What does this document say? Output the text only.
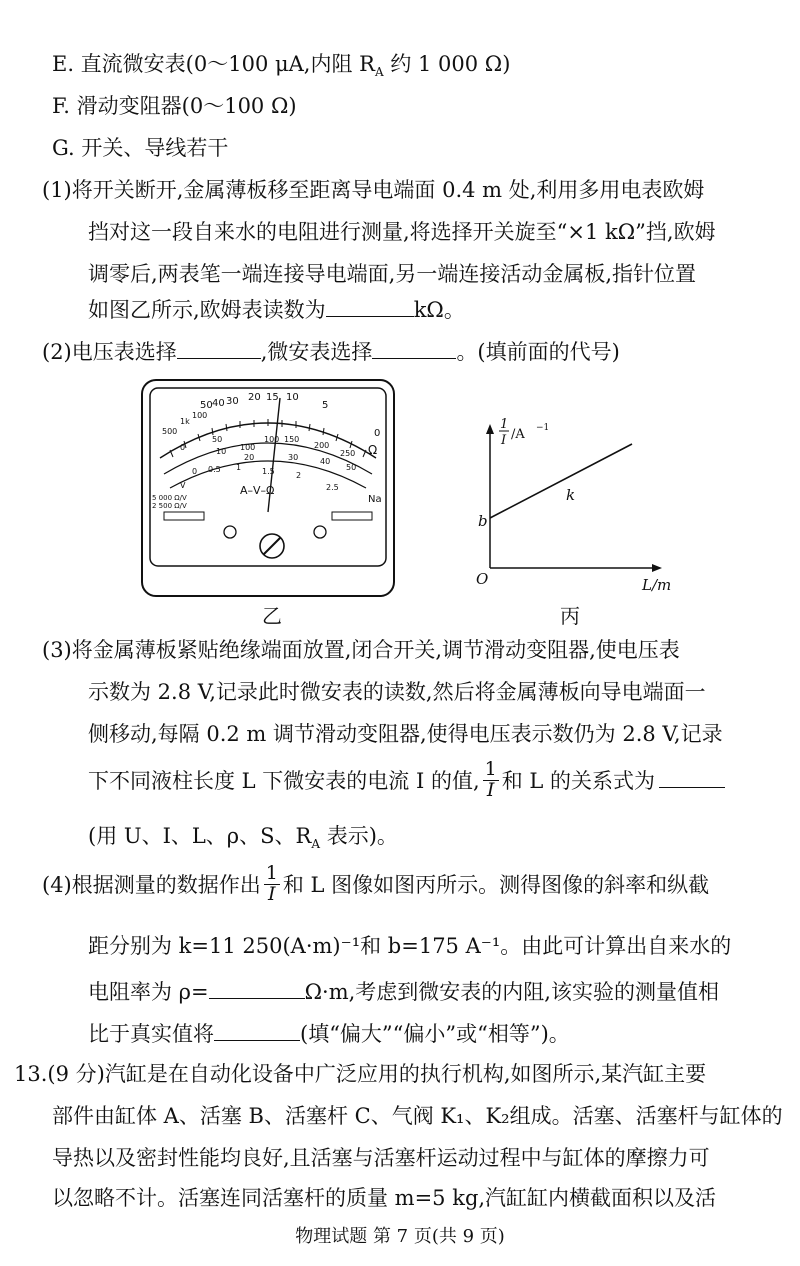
E. 直流微安表(0～100 μA,内阻 $R_A$ 约 1 000 Ω)
F. 滑动变阻器(0～100 Ω)
G. 开关、导线若干
(1)将开关断开,金属薄板移至距离导电端面 0.4 m 处,利用多用电表欧姆
挡对这一段自来水的电阻进行测量,将选择开关旋至“×1 kΩ”挡,欧姆
调零后,两表笔一端连接导电端面,另一端连接活动金属板,指针位置
如图乙所示,欧姆表读数为	kΩ。
(2)电压表选择	,微安表选择	。(填前面的代号)
50 40 30 20 15 10
5
0
500
1k
100
Ω
100 150
200
250
0
50
10 100
20	30	40
50
0 0.5 1	1.5	2
2.5
A–V–Ω
5 000 Ω/V
2 500 Ω/V
Na
V
1
I /A −1
L/m
O
b
k
乙	丙
(3)将金属薄板紧贴绝缘端面放置,闭合开关,调节滑动变阻器,使电压表
示数为 2.8 V,记录此时微安表的读数,然后将金属薄板向导电端面一
侧移动,每隔 0.2 m 调节滑动变阻器,使得电压表示数仍为 2.8 V,记录
下不同液柱长度 L 下微安表的电流 I 的值, $\frac{1}{I}$ 和 L 的关系式为
(用 U、I、L、ρ、S、$R_A$ 表示)。
(4)根据测量的数据作出 $\frac{1}{I}$ 和 L 图像如图丙所示。测得图像的斜率和纵截
距分别为 k=11 250(A·m)⁻¹和 b=175 A⁻¹。由此可计算出自来水的
电阻率为 ρ=	Ω·m,考虑到微安表的内阻,该实验的测量值相
比于真实值将	(填“偏大”“偏小”或“相等”)。
13.(9 分)汽缸是在自动化设备中广泛应用的执行机构,如图所示,某汽缸主要
部件由缸体 A、活塞 B、活塞杆 C、气阀 K₁、K₂组成。活塞、活塞杆与缸体的
导热以及密封性能均良好,且活塞与活塞杆运动过程中与缸体的摩擦力可
以忽略不计。活塞连同活塞杆的质量 m=5 kg,汽缸缸内横截面积以及活
物理试题 第 7 页(共 9 页)
